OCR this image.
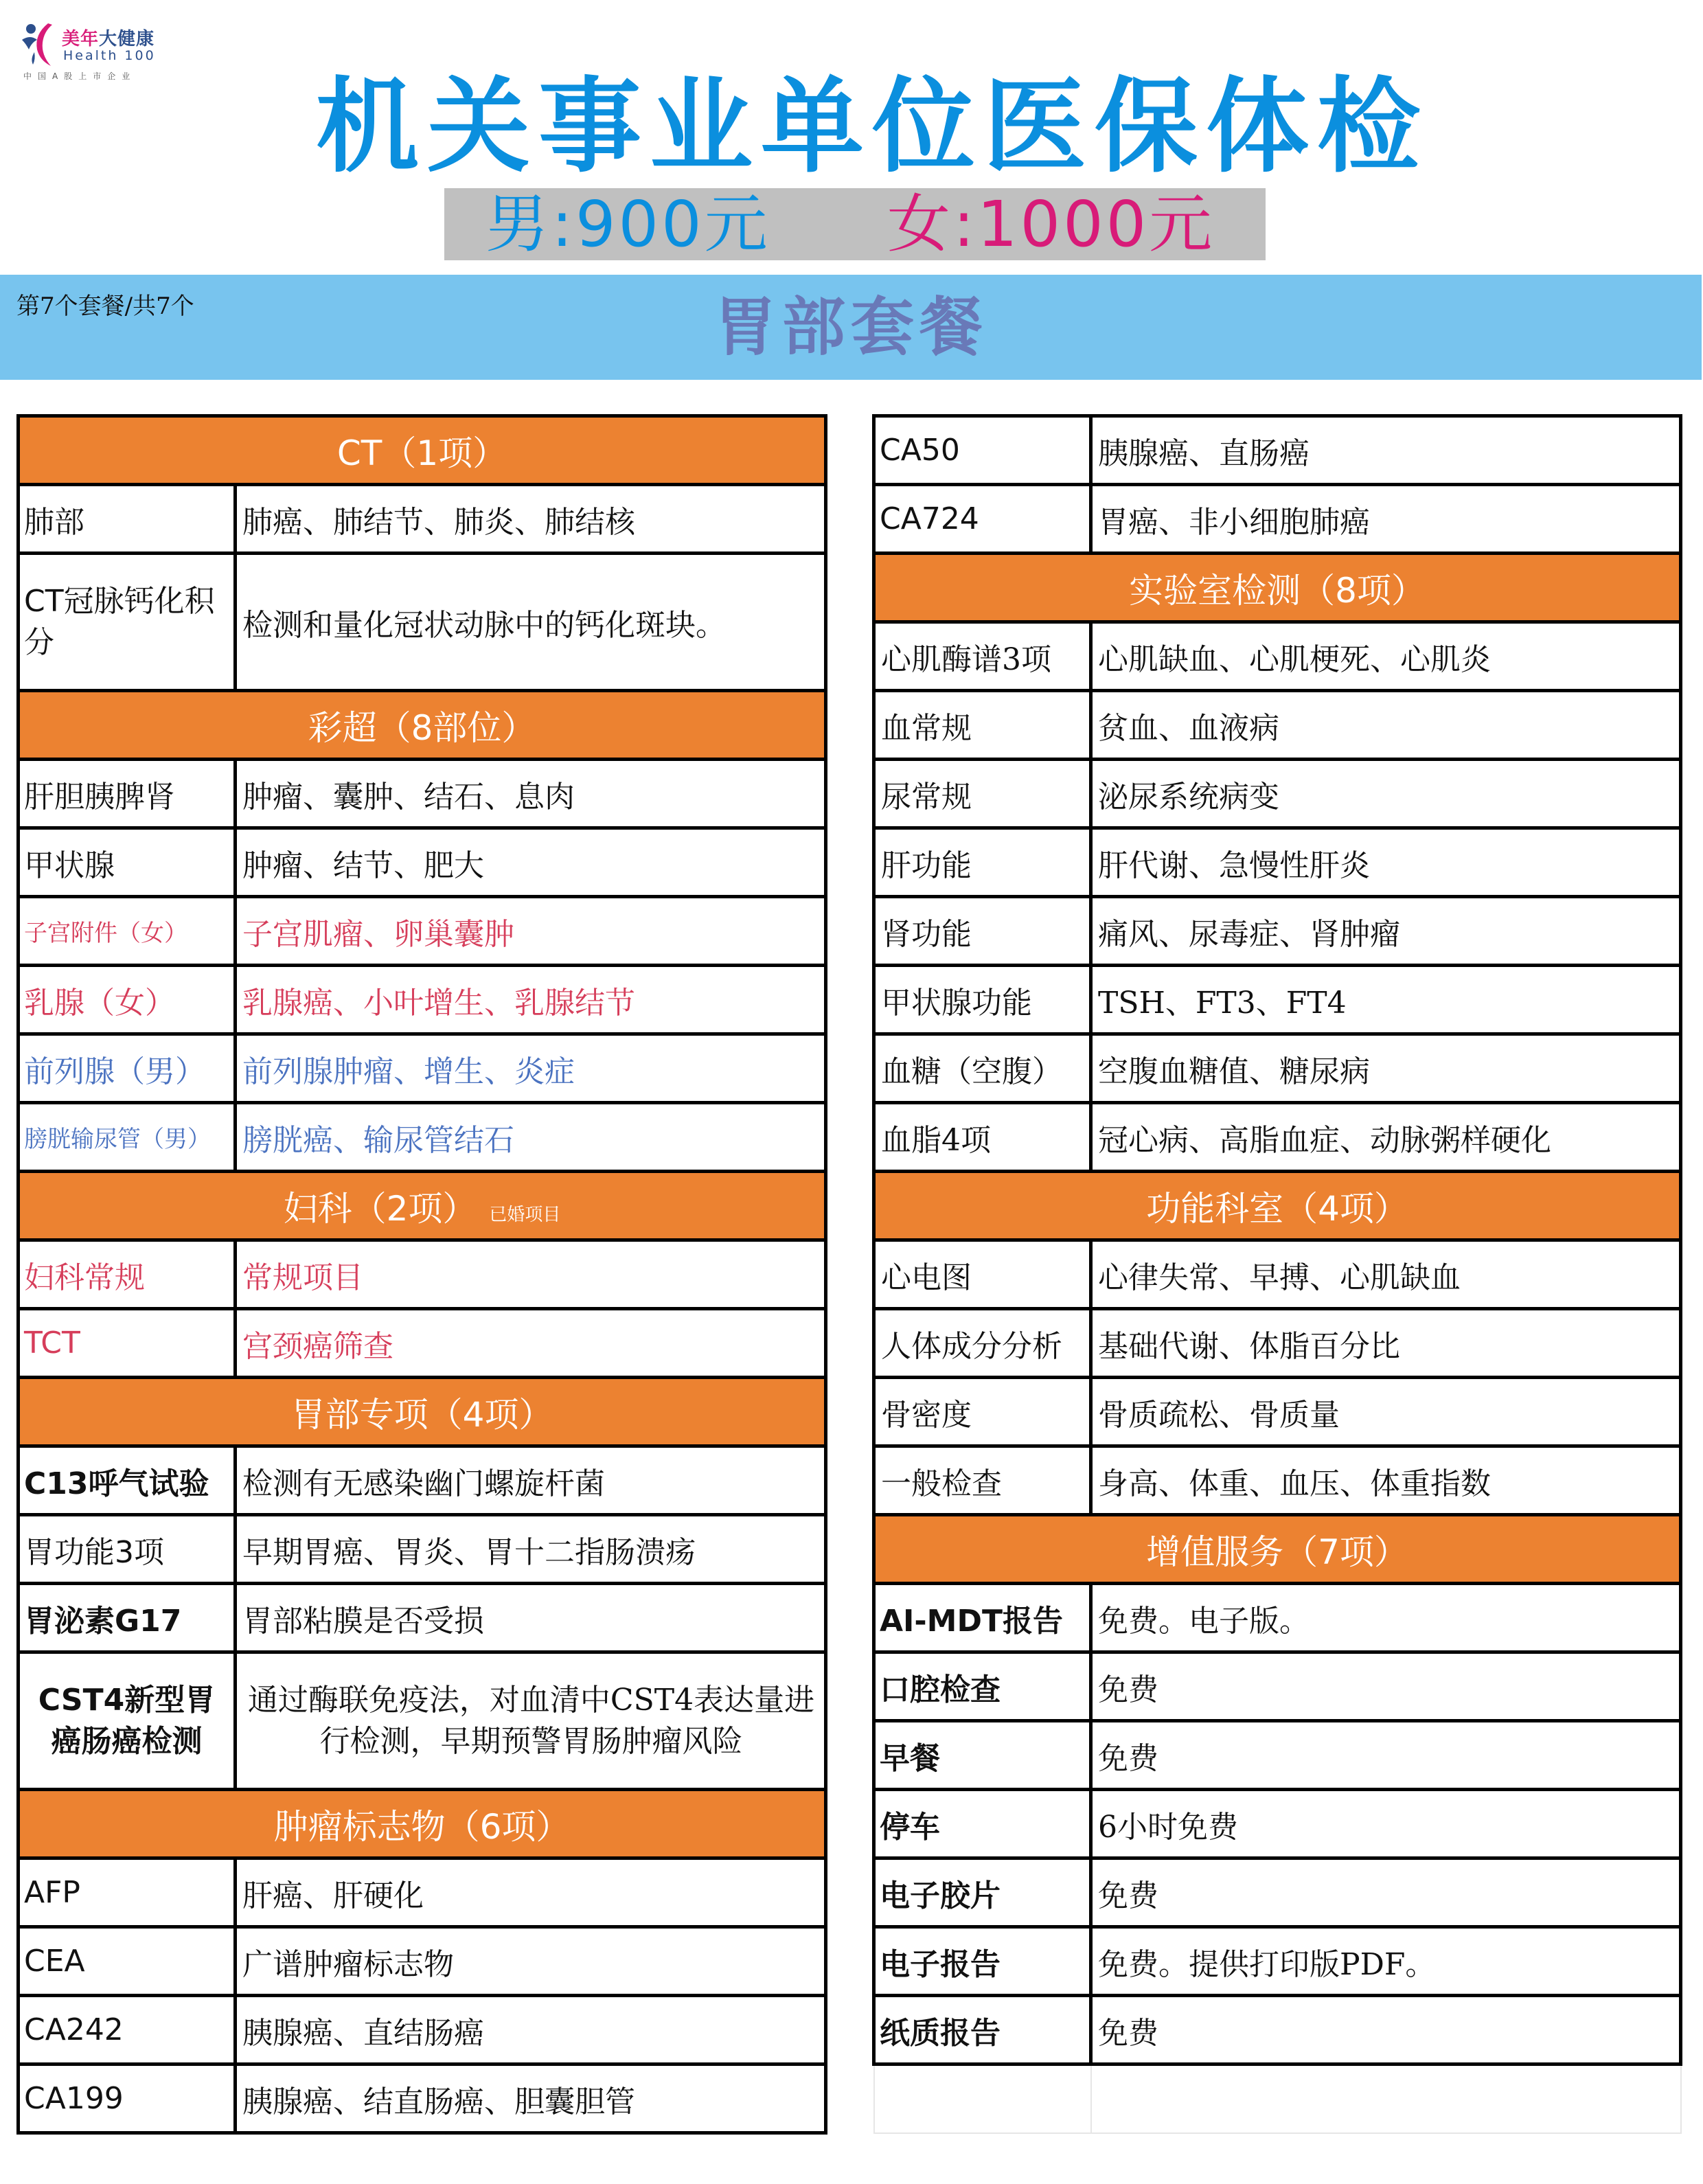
美年大健康
Health 100
中国A股上市企业	机关事业单位医保体检
男:900元 女:1000元
第7个套餐/共7个	胃部套餐
CT（1项）	
肺部	肺癌、肺结节、肺炎、肺结核
CT冠脉钙化积分	检测和量化冠状动脉中的钙化斑块。
彩超（8部位）	
肝胆胰脾肾	肿瘤、囊肿、结石、息肉
甲状腺	肿瘤、结节、肥大
子宫附件（女）	子宫肌瘤、卵巢囊肿
乳腺（女）	乳腺癌、小叶增生、乳腺结节
前列腺（男）	前列腺肿瘤、增生、炎症
膀胱输尿管（男）	膀胱癌、输尿管结石
妇科（2项） 已婚项目	
妇科常规	常规项目
TCT	宫颈癌筛查
胃部专项（4项）	
C13呼气试验	检测有无感染幽门螺旋杆菌
胃功能3项	早期胃癌、胃炎、胃十二指肠溃疡
胃泌素G17	胃部粘膜是否受损
CST4新型胃癌肠癌检测	通过酶联免疫法，对血清中CST4表达量进行检测，早期预警胃肠肿瘤风险
肿瘤标志物（6项）	
AFP	肝癌、肝硬化
CEA	广谱肿瘤标志物
CA242	胰腺癌、直结肠癌
CA199	胰腺癌、结直肠癌、胆囊胆管
CA50	胰腺癌、直肠癌
CA724	胃癌、非小细胞肺癌
实验室检测（8项）	
心肌酶谱3项	心肌缺血、心肌梗死、心肌炎
血常规	贫血、血液病
尿常规	泌尿系统病变
肝功能	肝代谢、急慢性肝炎
肾功能	痛风、尿毒症、肾肿瘤
甲状腺功能	TSH、FT3、FT4
血糖（空腹）	空腹血糖值、糖尿病
血脂4项	冠心病、高脂血症、动脉粥样硬化
功能科室（4项）	
心电图	心律失常、早搏、心肌缺血
人体成分分析	基础代谢、体脂百分比
骨密度	骨质疏松、骨质量
一般检查	身高、体重、血压、体重指数
增值服务（7项）	
AI-MDT报告	免费。电子版。
口腔检查	免费
早餐	免费
停车	6小时免费
电子胶片	免费
电子报告	免费。提供打印版PDF。
纸质报告	免费
